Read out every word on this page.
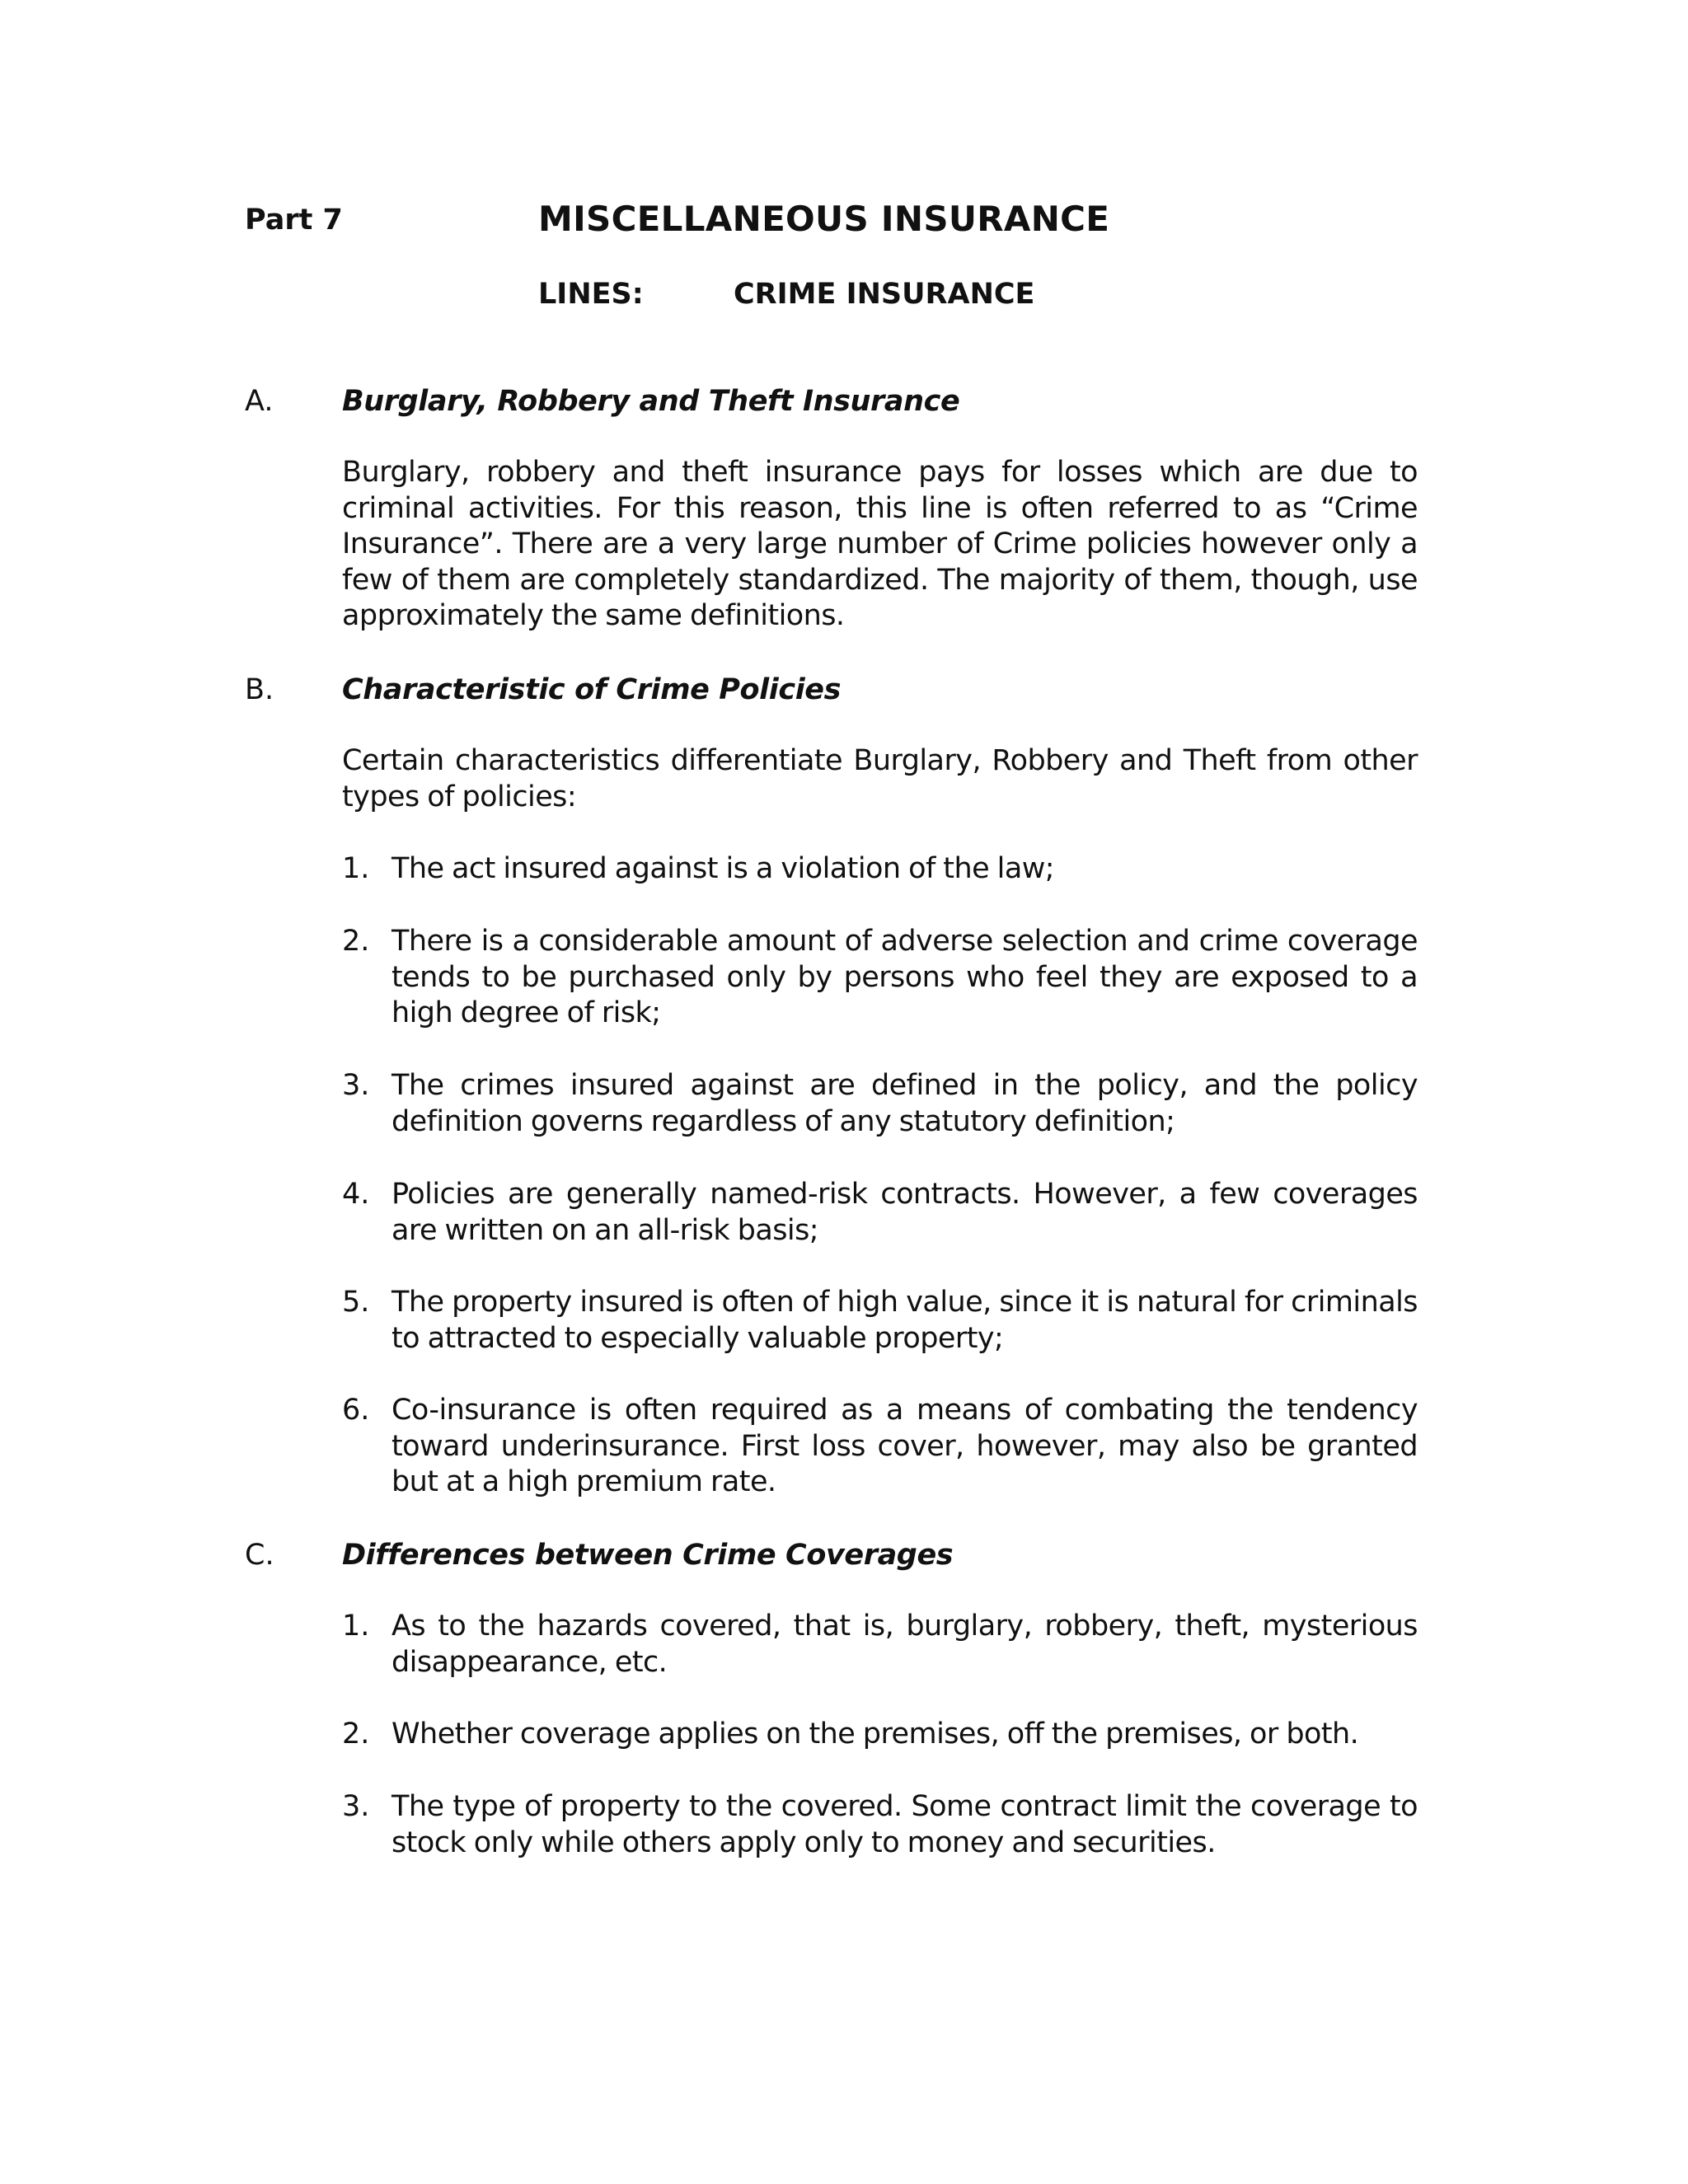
Part 7	MISCELLANEOUS INSURANCE
LINES:	CRIME INSURANCE
A. Burglary, Robbery and Theft Insurance
Burglary, robbery and theft insurance pays for losses which are due to criminal activities. For this reason, this line is often referred to as “Crime Insurance”. There are a very large number of Crime policies however only a few of them are completely standardized. The majority of them, though, use approximately the same definitions.
B. Characteristic of Crime Policies
Certain characteristics differentiate Burglary, Robbery and Theft from other types of policies:
1. The act insured against is a violation of the law;
2. There is a considerable amount of adverse selection and crime coverage tends to be purchased only by persons who feel they are exposed to a high degree of risk;
3. The crimes insured against are defined in the policy, and the policy definition governs regardless of any statutory definition;
4. Policies are generally named-risk contracts. However, a few coverages are written on an all-risk basis;
5. The property insured is often of high value, since it is natural for criminals to attracted to especially valuable property;
6. Co-insurance is often required as a means of combating the tendency toward underinsurance. First loss cover, however, may also be granted but at a high premium rate.
C. Differences between Crime Coverages
1. As to the hazards covered, that is, burglary, robbery, theft, mysterious disappearance, etc.
2. Whether coverage applies on the premises, off the premises, or both.
3. The type of property to the covered. Some contract limit the coverage to stock only while others apply only to money and securities.
